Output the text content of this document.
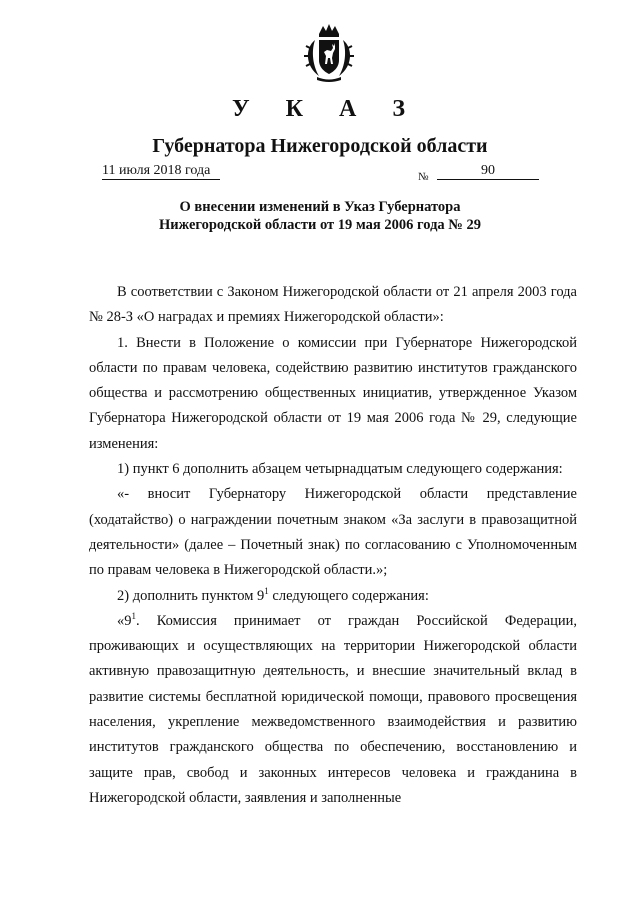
У К А З
Губернатора Нижегородской области
11 июля 2018 года	№	90
О внесении изменений в Указ Губернатора
Нижегородской области от 19 мая 2006 года № 29

В соответствии с Законом Нижегородской области от 21 апреля 2003 года № 28-З «О наградах и премиях Нижегородской области»:

1. Внести в Положение о комиссии при Губернаторе Нижегородской области по правам человека, содействию развитию институтов гражданского общества и рассмотрению общественных инициатив, утвержденное Указом Губернатора Нижегородской области от 19 мая 2006 года № 29, следующие изменения:

1) пункт 6 дополнить абзацем четырнадцатым следующего содержания:

«- вносит Губернатору Нижегородской области представление (ходатайство) о награждении почетным знаком «За заслуги в правозащитной деятельности» (далее – Почетный знак) по согласованию с Уполномоченным по правам человека в Нижегородской области.»;

2) дополнить пунктом $9^1$ следующего содержания:

«$9^1$. Комиссия принимает от граждан Российской Федерации, проживающих и осуществляющих на территории Нижегородской области активную правозащитную деятельность, и внесшие значительный вклад в развитие системы бесплатной юридической помощи, правового просвещения населения, укрепление межведомственного взаимодействия и развитию институтов гражданского общества по обеспечению, восстановлению и защите прав, свобод и законных интересов человека и гражданина в Нижегородской области, заявления и заполненные
